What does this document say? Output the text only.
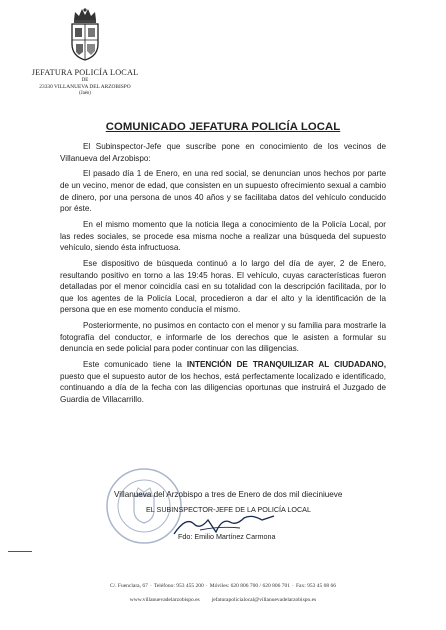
JEFATURA POLICÍA LOCAL
DE
23330 VILLANUEVA DEL ARZOBISPO
(Jaén)
COMUNICADO JEFATURA POLICÍA LOCAL

El Subinspector-Jefe que suscribe pone en conocimiento de los vecinos de Villanueva del Arzobispo:

El pasado día 1 de Enero, en una red social, se denuncian unos hechos por parte de un vecino, menor de edad, que consisten en un supuesto ofrecimiento sexual a cambio de dinero, por una persona de unos 40 años y se facilitaba datos del vehículo conducido por éste.

En el mismo momento que la noticia llega a conocimiento de la Policía Local, por las redes sociales, se procede esa misma noche a realizar una búsqueda del supuesto vehículo, siendo ésta infructuosa.

Ese dispositivo de búsqueda continuó a lo largo del día de ayer, 2 de Enero, resultando positivo en torno a las 19:45 horas. El vehículo, cuyas características fueron detalladas por el menor coincidía casi en su totalidad con la descripción facilitada, por lo que los agentes de la Policía Local, procedieron a dar el alto y la identificación de la persona que en ese momento conducía el mismo.

Posteriormente, no pusimos en contacto con el menor y su familia para mostrarle la fotografía del conductor, e informarle de los derechos que le asisten a formular su denuncia en sede policial para poder continuar con las diligencias.

Este comunicado tiene la INTENCIÓN DE TRANQUILIZAR AL CIUDADANO, puesto que el supuesto autor de los hechos, está perfectamente localizado e identificado, continuando a día de la fecha con las diligencias oportunas que instruirá el Juzgado de Guardia de Villacarrillo.

Villanueva del Arzobispo a tres de Enero de dos mil dieciniueve
EL SUBINSPECTOR-JEFE DE LA POLICÍA LOCAL
Fdo: Emilio Martínez Carmona
C/. Fuenclara, 67·Teléfono: 953 455 200·Móviles: 620 806 700 / 620 806 701·Fax: 953 45 08 66
www.villanuevadelarzobispo.es jefaturapolicialocal@villanuevadelarzobispo.es
